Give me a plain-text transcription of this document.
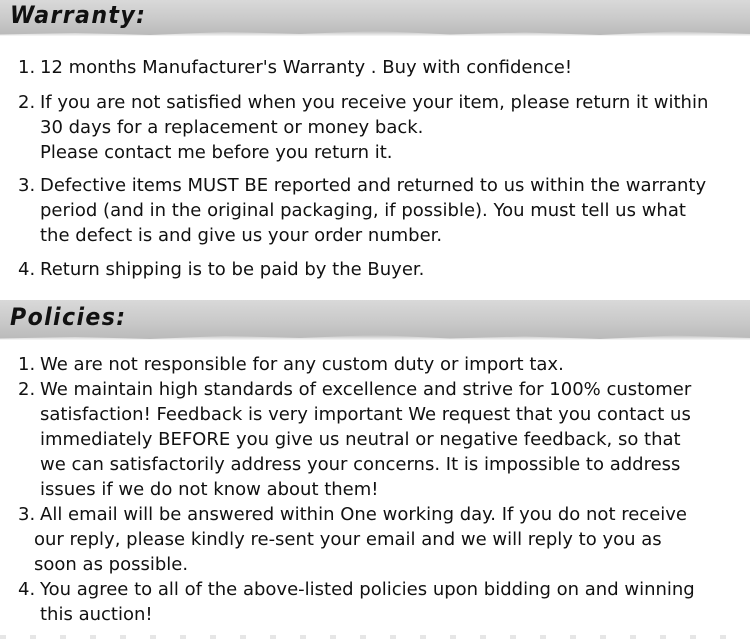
Warranty:
1. 12 months Manufacturer's Warranty . Buy with confidence!
2. If you are not satisfied when you receive your item, please return it within
30 days for a replacement or money back.
Please contact me before you return it.
3. Defective items MUST BE reported and returned to us within the warranty
period (and in the original packaging, if possible). You must tell us what
the defect is and give us your order number.
4. Return shipping is to be paid by the Buyer.
Policies:
1. We are not responsible for any custom duty or import tax.
2. We maintain high standards of excellence and strive for 100% customer
satisfaction! Feedback is very important We request that you contact us
immediately BEFORE you give us neutral or negative feedback, so that
we can satisfactorily address your concerns. It is impossible to address
issues if we do not know about them!
3. All email will be answered within One working day. If you do not receive
our reply, please kindly re-sent your email and we will reply to you as
soon as possible.
4. You agree to all of the above-listed policies upon bidding on and winning
this auction!
